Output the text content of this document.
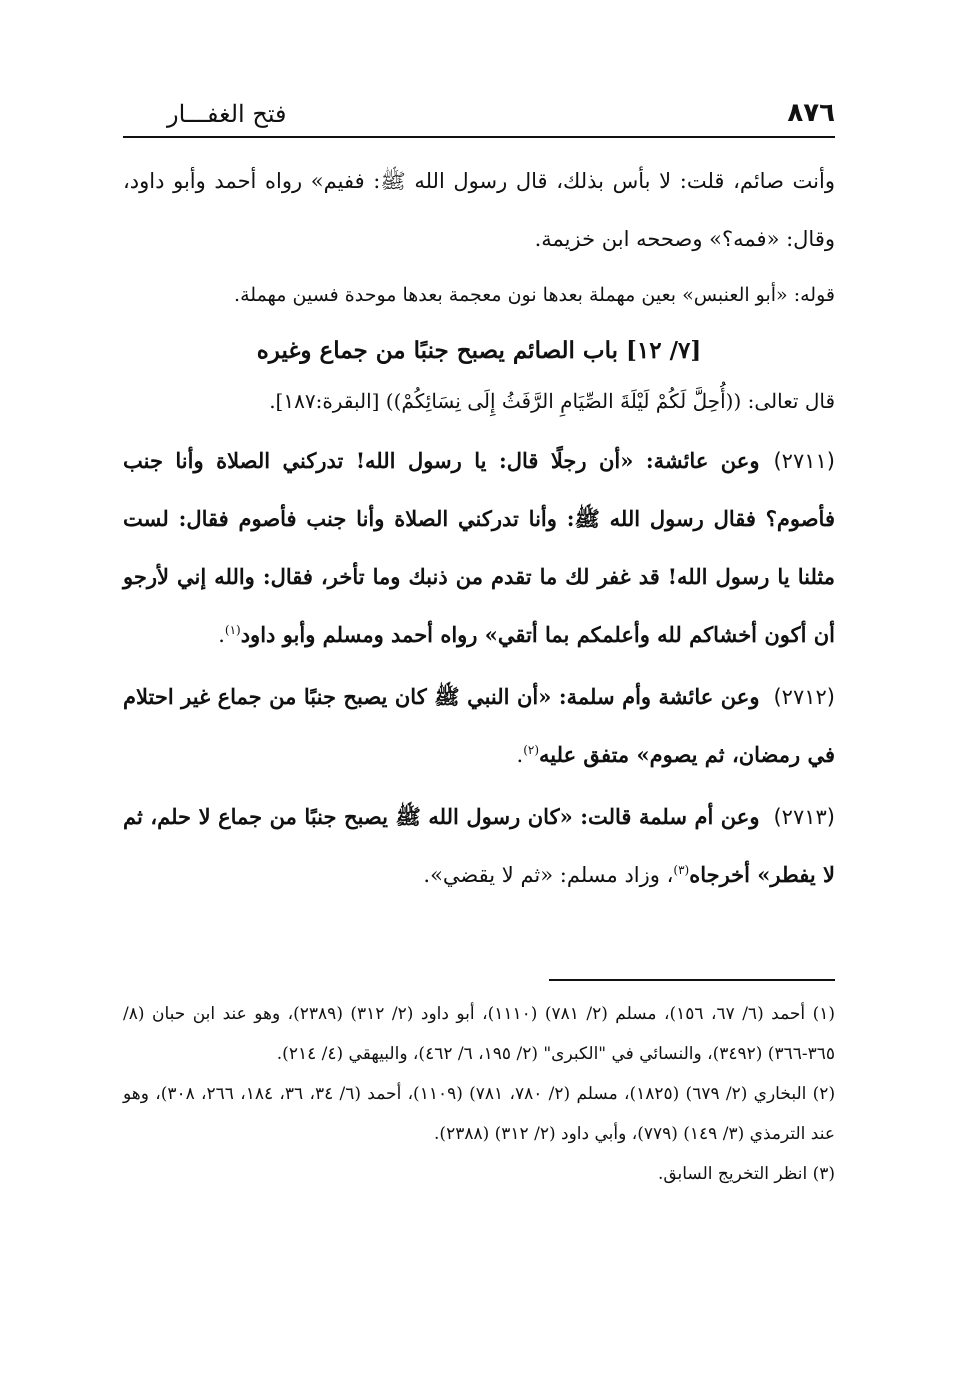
٨٧٦
فتح الغفـــار

وأنت صائم، قلت: لا بأس بذلك، قال رسول الله ﷺ: ففيم» رواه أحمد وأبو داود، وقال: «فمه؟» وصححه ابن خزيمة.

قوله: «أبو العنبس» بعين مهملة بعدها نون معجمة بعدها موحدة فسين مهملة.

[٧/ ١٢] باب الصائم يصبح جنبًا من جماع وغيره

قال تعالى: ((أُحِلَّ لَكُمْ لَيْلَةَ الصِّيَامِ الرَّفَثُ إِلَى نِسَائِكُمْ)) [البقرة:١٨٧].

(٢٧١١)وعن عائشة: «أن رجلًا قال: يا رسول الله! تدركني الصلاة وأنا جنب فأصوم؟ فقال رسول الله ﷺ: وأنا تدركني الصلاة وأنا جنب فأصوم فقال: لست مثلنا يا رسول الله! قد غفر لك ما تقدم من ذنبك وما تأخر، فقال: والله إني لأرجو أن أكون أخشاكم لله وأعلمكم بما أتقي» رواه أحمد ومسلم وأبو داود$^{(١)}$.

(٢٧١٢)وعن عائشة وأم سلمة: «أن النبي ﷺ كان يصبح جنبًا من جماع غير احتلام في رمضان، ثم يصوم» متفق عليه$^{(٢)}$.

(٢٧١٣)وعن أم سلمة قالت: «كان رسول الله ﷺ يصبح جنبًا من جماع لا حلم، ثم لا يفطر» أخرجاه$^{(٣)}$، وزاد مسلم: «ثم لا يقضي».

(١) أحمد (٦/ ٦٧، ١٥٦)، مسلم (٢/ ٧٨١) (١١١٠)، أبو داود (٢/ ٣١٢) (٢٣٨٩)، وهو عند ابن حبان (٨/ ٣٦٥-٣٦٦) (٣٤٩٢)، والنسائي في "الكبرى" (٢/ ١٩٥، ٦/ ٤٦٢)، والبيهقي (٤/ ٢١٤).

(٢) البخاري (٢/ ٦٧٩) (١٨٢٥)، مسلم (٢/ ٧٨٠، ٧٨١) (١١٠٩)، أحمد (٦/ ٣٤، ٣٦، ١٨٤، ٢٦٦، ٣٠٨)، وهو عند الترمذي (٣/ ١٤٩) (٧٧٩)، وأبي داود (٢/ ٣١٢) (٢٣٨٨).

(٣) انظر التخريج السابق.
